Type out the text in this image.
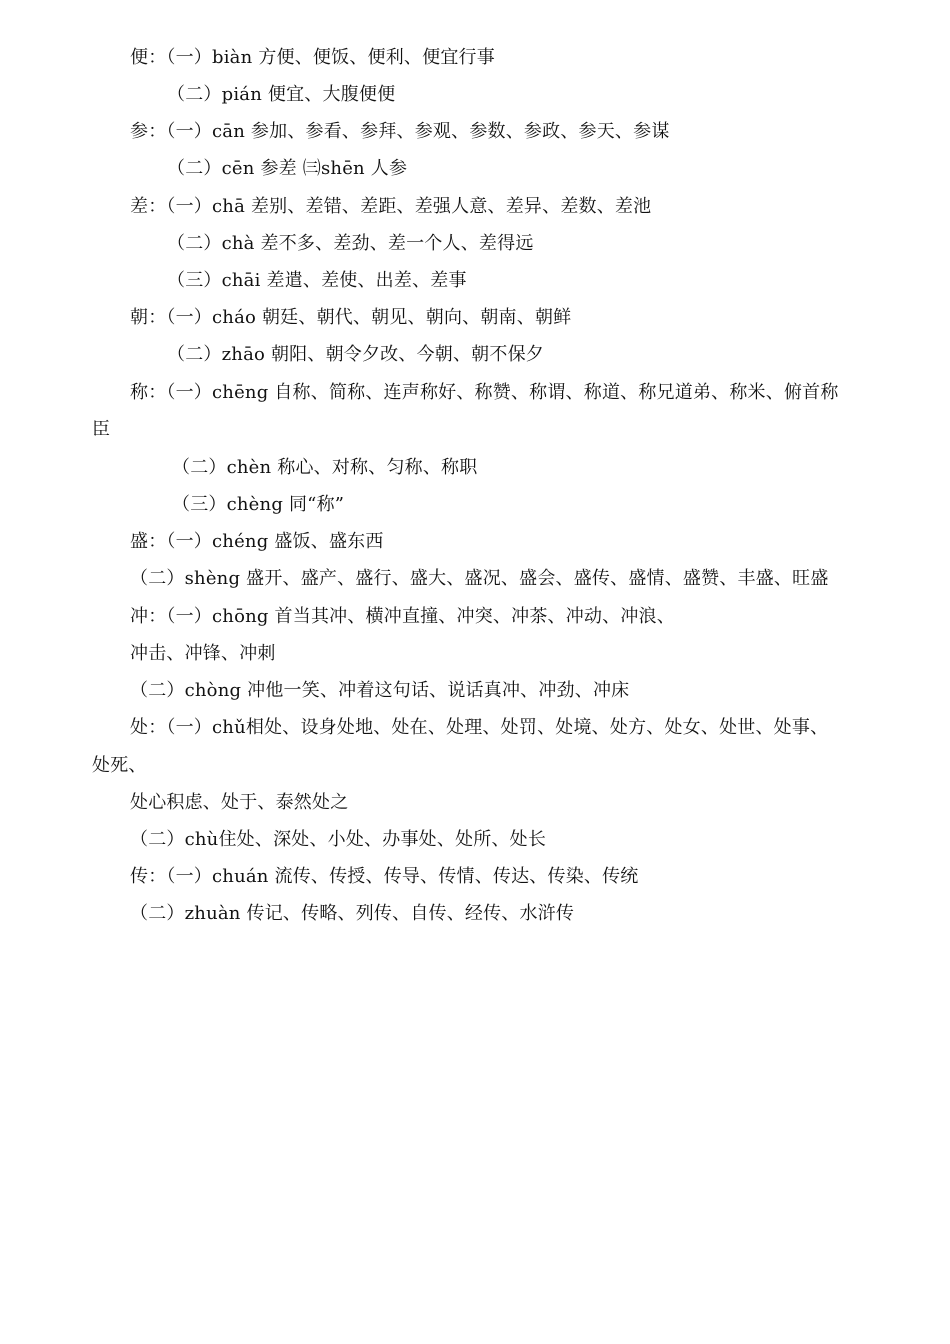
便：（一）biàn 方便、便饭、便利、便宜行事
（二）pián 便宜、大腹便便
参：（一）cān 参加、参看、参拜、参观、参数、参政、参天、参谋
（二）cēn 参差 ㈢shēn 人参
差：（一）chā 差别、差错、差距、差强人意、差异、差数、差池
（二）chà 差不多、差劲、差一个人、差得远
（三）chāi 差遣、差使、出差、差事
朝：（一）cháo 朝廷、朝代、朝见、朝向、朝南、朝鲜
（二）zhāo 朝阳、朝令夕改、今朝、朝不保夕
称：（一）chēng 自称、简称、连声称好、称赞、称谓、称道、称兄道弟、称米、俯首称
臣
（二）chèn 称心、对称、匀称、称职
（三）chèng 同“称”
盛：（一）chéng 盛饭、盛东西
（二）shèng 盛开、盛产、盛行、盛大、盛况、盛会、盛传、盛情、盛赞、丰盛、旺盛
冲：（一）chōng 首当其冲、横冲直撞、冲突、冲茶、冲动、冲浪、
冲击、冲锋、冲刺
（二）chòng 冲他一笑、冲着这句话、说话真冲、冲劲、冲床
处：（一）chǔ相处、设身处地、处在、处理、处罚、处境、处方、处女、处世、处事、
处死、
处心积虑、处于、泰然处之
（二）chù住处、深处、小处、办事处、处所、处长
传：（一）chuán 流传、传授、传导、传情、传达、传染、传统
（二）zhuàn 传记、传略、列传、自传、经传、水浒传
